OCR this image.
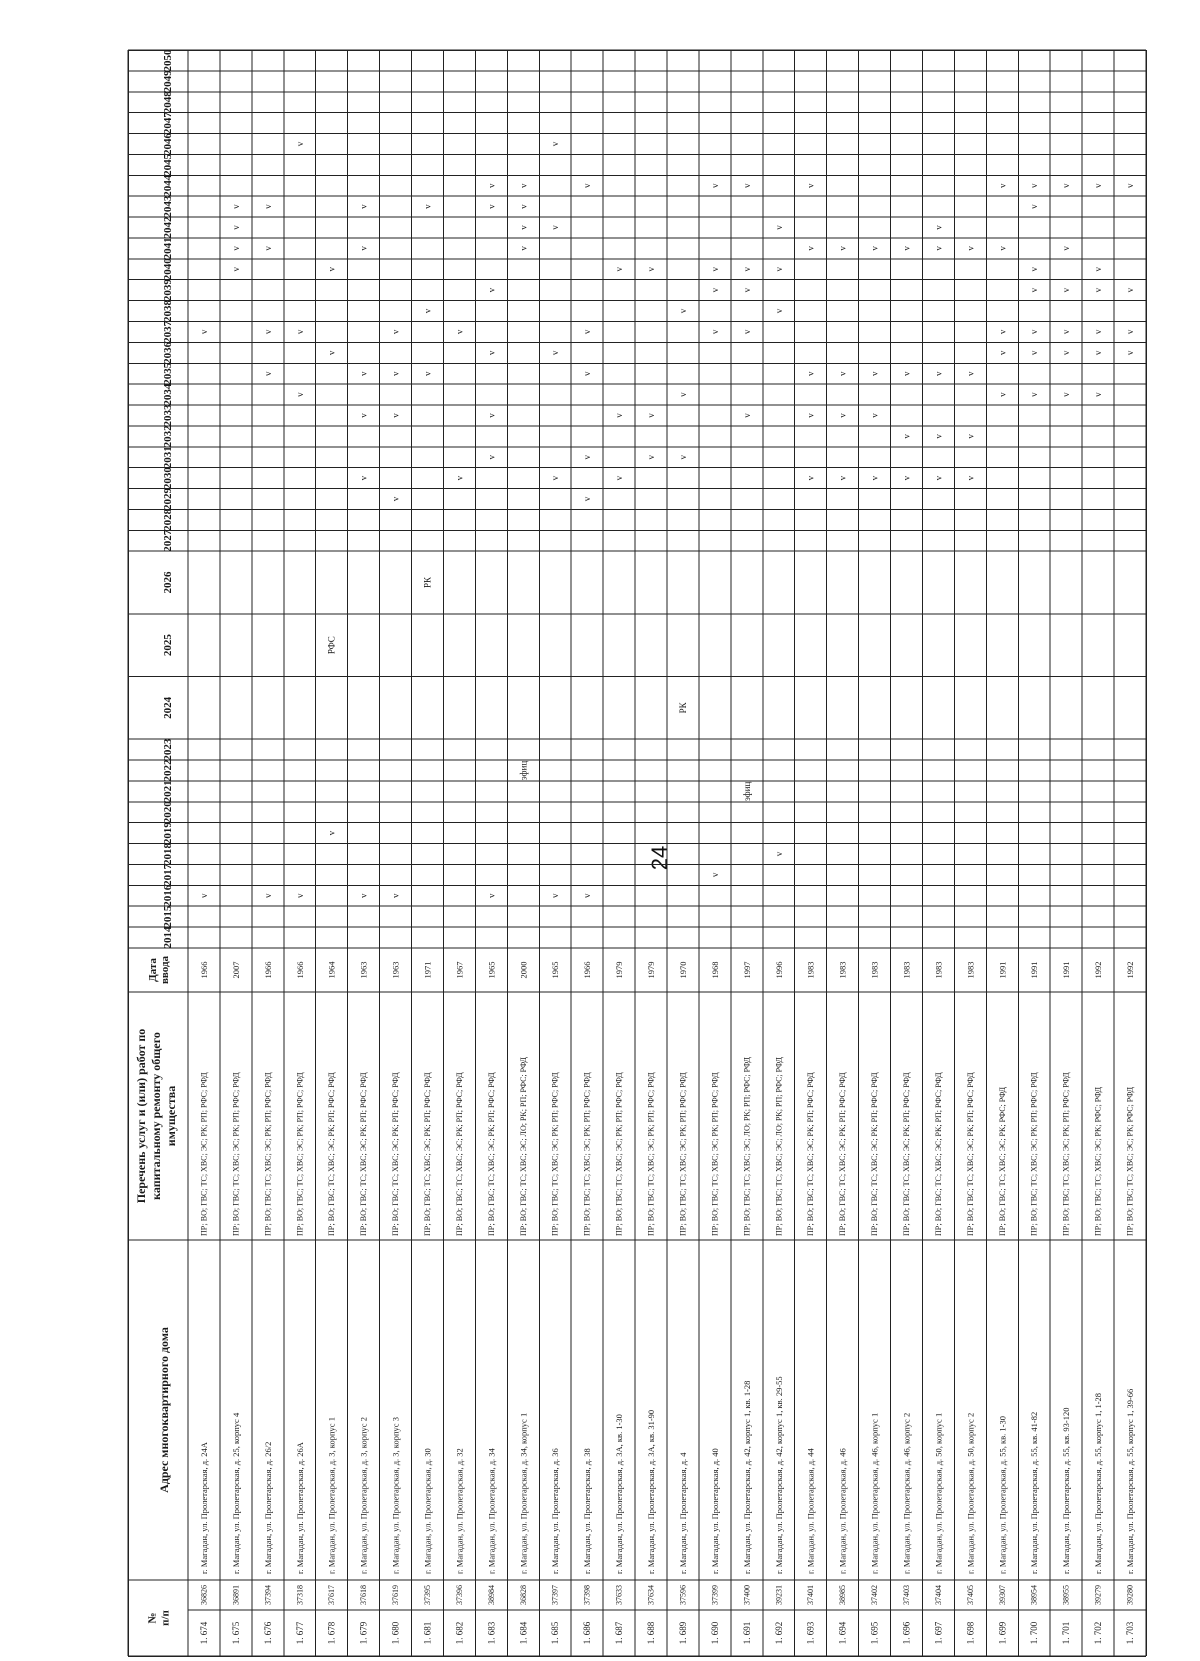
24
2014
2015
2016
2017
2018
2019
2020
2021
2022
2023
2024
2025
2026
2027
2028
2029
2030
2031
2032
2033
2034
2035
2036
2037
2038
2039
2040
2041
2042
2043
2044
2045
2046
2047
2048
2049
2050
Датаввода
Перечень услуг и (или) работ покапитальному ремонту общегоимущества
Адрес многоквартирного дома
№п/п
1. 674
36826
г. Магадан, ул. Пролетарская, д. 24А
ПР; ВО; ГВС; ТС; ХВС; ЭС; РК; РП; РФС; РФД
1966
v
v
1. 675
36891
г. Магадан, ул. Пролетарская, д. 25, корпус 4
ПР; ВО; ГВС; ТС; ХВС; ЭС; РК; РП; РФС; РФД
2007
v
v
v
v
1. 676
37394
г. Магадан, ул. Пролетарская, д. 26/2
ПР; ВО; ГВС; ТС; ХВС; ЭС; РК; РП; РФС; РФД
1966
v
v
v
v
v
1. 677
37318
г. Магадан, ул. Пролетарская, д. 26А
ПР; ВО; ГВС; ТС; ХВС; ЭС; РК; РП; РФС; РФД
1966
v
v
v
v
1. 678
37617
г. Магадан, ул. Пролетарская, д. 3, корпус 1
ПР; ВО; ГВС; ТС; ХВС; ЭС; РК; РП; РФС; РФД
1964
v
РФС
v
v
1. 679
37618
г. Магадан, ул. Пролетарская, д. 3, корпус 2
ПР; ВО; ГВС; ТС; ХВС; ЭС; РК; РП; РФС; РФД
1963
v
v
v
v
v
v
1. 680
37619
г. Магадан, ул. Пролетарская, д. 3, корпус 3
ПР; ВО; ГВС; ТС; ХВС; ЭС; РК; РП; РФС; РФД
1963
v
v
v
v
v
1. 681
37395
г. Магадан, ул. Пролетарская, д. 30
ПР; ВО; ГВС; ТС; ХВС; ЭС; РК; РП; РФС; РФД
1971
РК
v
v
v
1. 682
37396
г. Магадан, ул. Пролетарская, д. 32
ПР; ВО; ГВС; ТС; ХВС; ЭС; РК; РП; РФС; РФД
1967
v
v
1. 683
38984
г. Магадан, ул. Пролетарская, д. 34
ПР; ВО; ГВС; ТС; ХВС; ЭС; РК; РП; РФС; РФД
1965
v
v
v
v
v
v
v
1. 684
36828
г. Магадан, ул. Пролетарская, д. 34, корпус 1
ПР; ВО; ГВС; ТС; ХВС; ЭС; ЛО; РК; РП; РФС; РФД
2000
эфиц
v
v
v
v
1. 685
37397
г. Магадан, ул. Пролетарская, д. 36
ПР; ВО; ГВС; ТС; ХВС; ЭС; РК; РП; РФС; РФД
1965
v
v
v
v
v
1. 686
37398
г. Магадан, ул. Пролетарская, д. 38
ПР; ВО; ГВС; ТС; ХВС; ЭС; РК; РП; РФС; РФД
1966
v
v
v
v
v
v
1. 687
37633
г. Магадан, ул. Пролетарская, д. 3А, кв. 1-30
ПР; ВО; ГВС; ТС; ХВС; ЭС; РК; РП; РФС; РФД
1979
v
v
v
1. 688
37634
г. Магадан, ул. Пролетарская, д. 3А, кв. 31-90
ПР; ВО; ГВС; ТС; ХВС; ЭС; РК; РП; РФС; РФД
1979
v
v
v
1. 689
37596
г. Магадан, ул. Пролетарская, д. 4
ПР; ВО; ГВС; ТС; ХВС; ЭС; РК; РП; РФС; РФД
1970
РК
v
v
v
1. 690
37399
г. Магадан, ул. Пролетарская, д. 40
ПР; ВО; ГВС; ТС; ХВС; ЭС; РК; РП; РФС; РФД
1968
v
v
v
v
v
1. 691
37400
г. Магадан, ул. Пролетарская, д. 42, корпус 1, кв. 1-28
ПР; ВО; ГВС; ТС; ХВС; ЭС; ЛО; РК; РП; РФС; РФД
1997
эфиц
v
v
v
v
v
1. 692
39231
г. Магадан, ул. Пролетарская, д. 42, корпус 1, кв. 29-55
ПР; ВО; ГВС; ТС; ХВС; ЭС; ЛО; РК; РП; РФС; РФД
1996
v
v
v
v
1. 693
37401
г. Магадан, ул. Пролетарская, д. 44
ПР; ВО; ГВС; ТС; ХВС; ЭС; РК; РП; РФС; РФД
1983
v
v
v
v
v
1. 694
38985
г. Магадан, ул. Пролетарская, д. 46
ПР; ВО; ГВС; ТС; ХВС; ЭС; РК; РП; РФС; РФД
1983
v
v
v
v
1. 695
37402
г. Магадан, ул. Пролетарская, д. 46, корпус 1
ПР; ВО; ГВС; ТС; ХВС; ЭС; РК; РП; РФС; РФД
1983
v
v
v
v
1. 696
37403
г. Магадан, ул. Пролетарская, д. 46, корпус 2
ПР; ВО; ГВС; ТС; ХВС; ЭС; РК; РП; РФС; РФД
1983
v
v
v
v
1. 697
37404
г. Магадан, ул. Пролетарская, д. 50, корпус 1
ПР; ВО; ГВС; ТС; ХВС; ЭС; РК; РП; РФС; РФД
1983
v
v
v
v
v
1. 698
37405
г. Магадан, ул. Пролетарская, д. 50, корпус 2
ПР; ВО; ГВС; ТС; ХВС; ЭС; РК; РП; РФС; РФД
1983
v
v
v
v
1. 699
39307
г. Магадан, ул. Пролетарская, д. 55, кв. 1-30
ПР; ВО; ГВС; ТС; ХВС; ЭС; РК; РФС; РФД
1991
v
v
v
v
v
1. 700
38954
г. Магадан, ул. Пролетарская, д. 55, кв. 41-82
ПР; ВО; ГВС; ТС; ХВС; ЭС; РК; РП; РФС; РФД
1991
v
v
v
v
v
v
v
1. 701
38955
г. Магадан, ул. Пролетарская, д. 55, кв. 93-120
ПР; ВО; ГВС; ТС; ХВС; ЭС; РК; РП; РФС; РФД
1991
v
v
v
v
v
v
1. 702
39279
г. Магадан, ул. Пролетарская, д. 55, корпус 1, 1-28
ПР; ВО; ГВС; ТС; ХВС; ЭС; РК; РФС; РФД
1992
v
v
v
v
v
v
1. 703
39280
г. Магадан, ул. Пролетарская, д. 55, корпус 1, 39-66
ПР; ВО; ГВС; ТС; ХВС; ЭС; РК; РФС; РФД
1992
v
v
v
v
